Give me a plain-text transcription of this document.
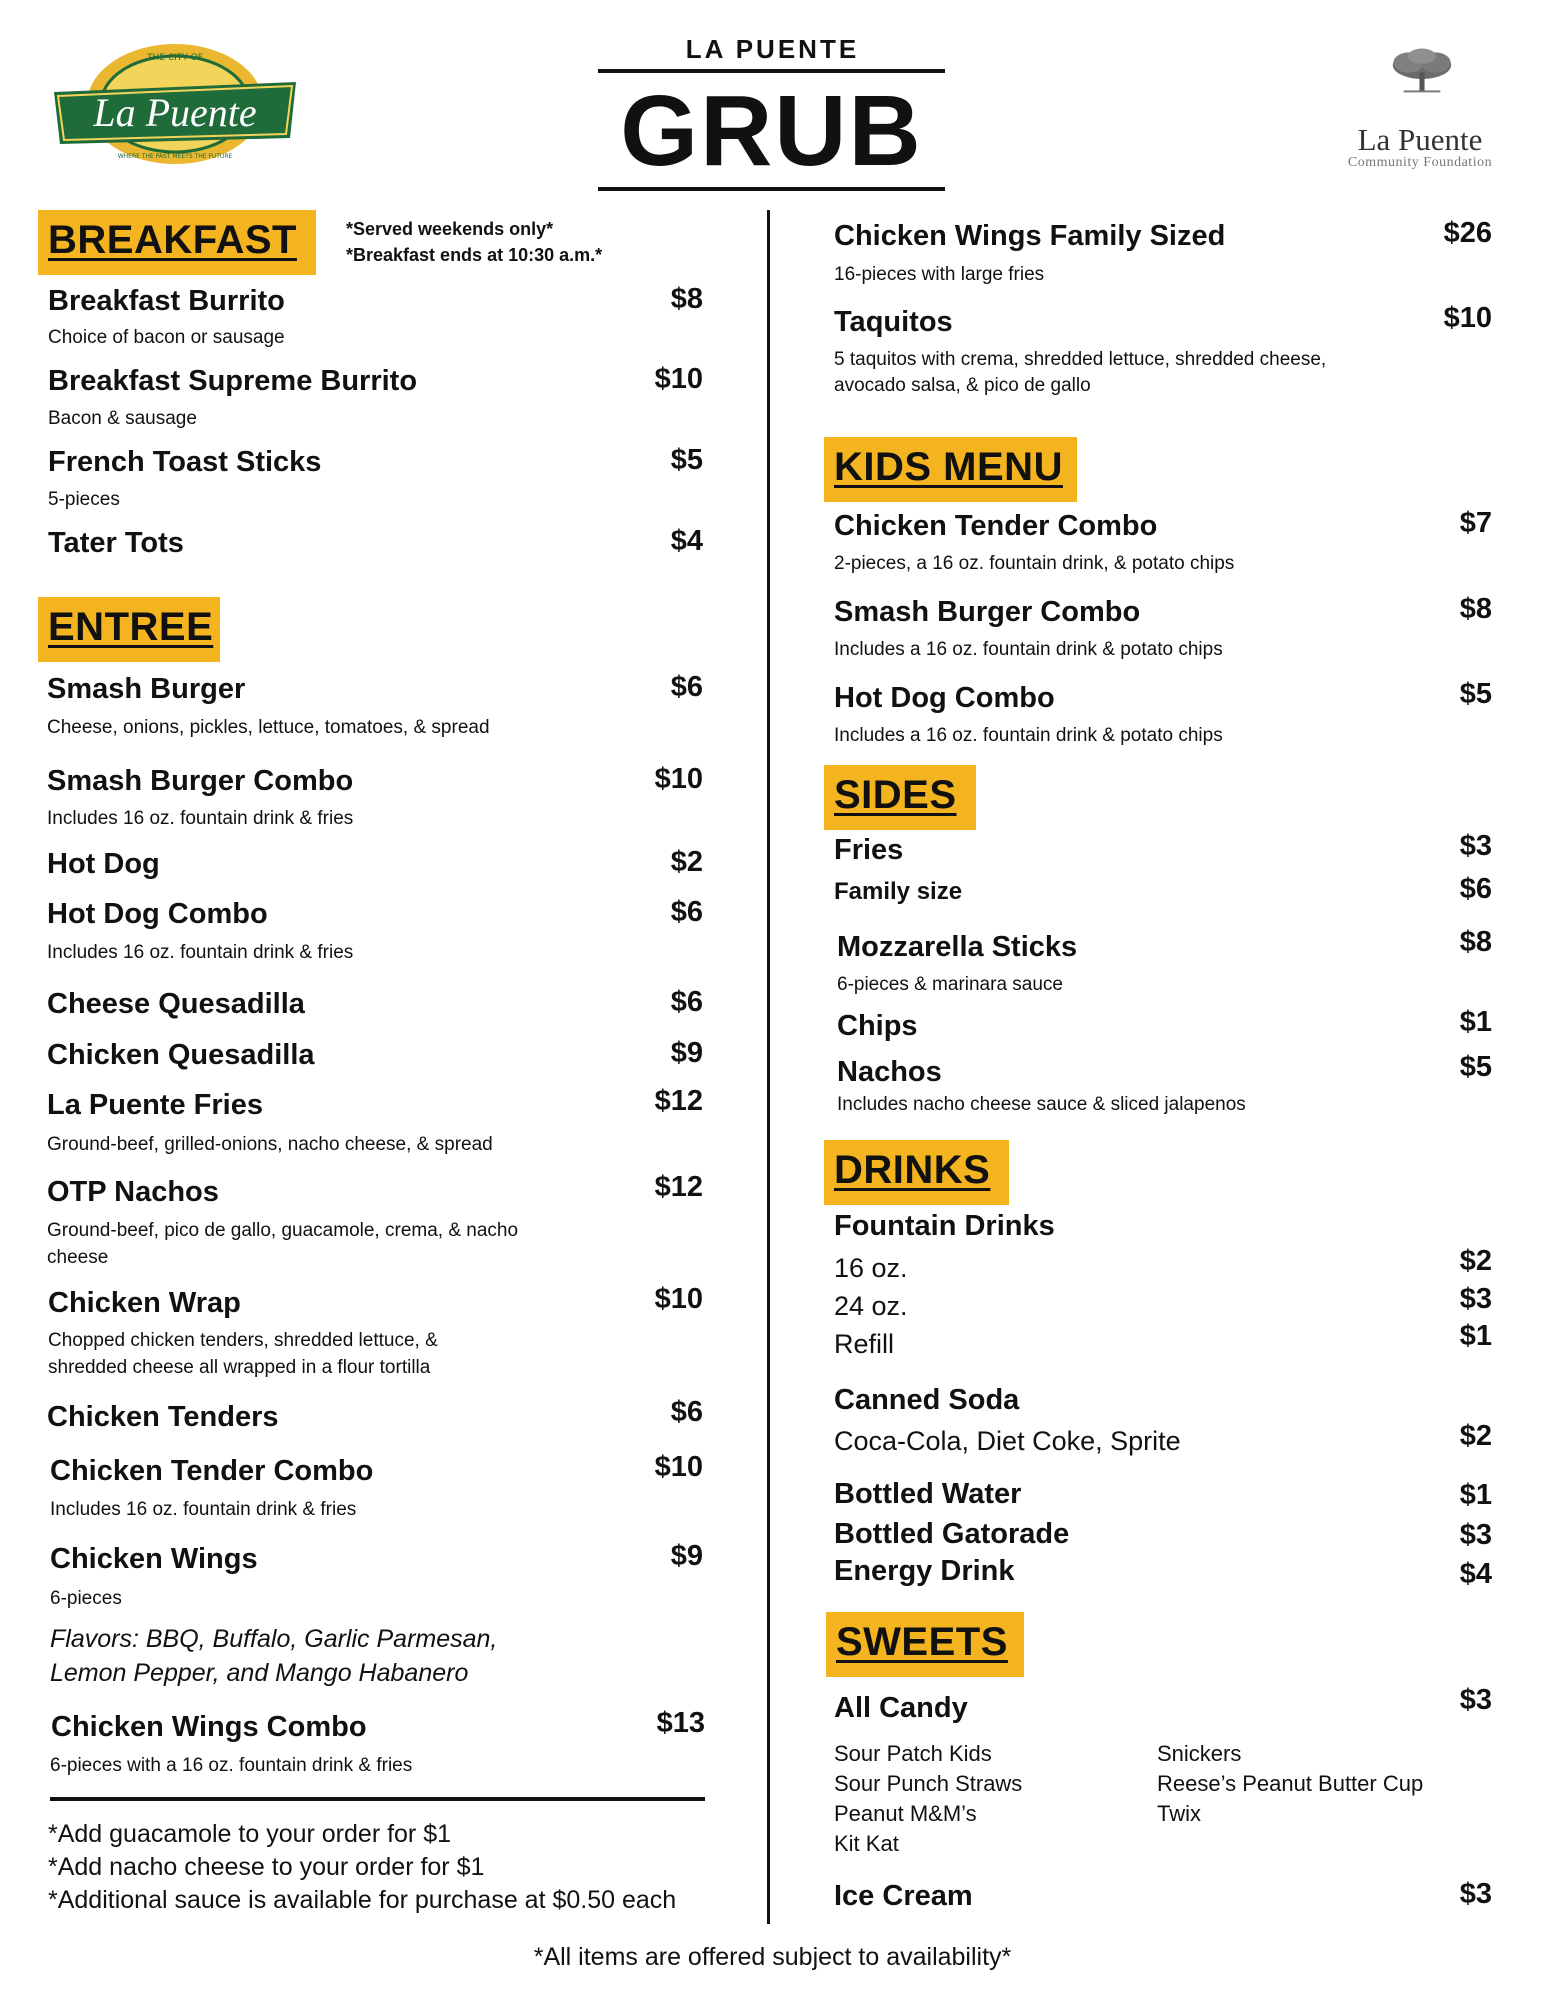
THE CITY OF
La Puente
WHERE THE PAST MEETS THE FUTURE
LA PUENTE
GRUB	La Puente
Community Foundation
BREAKFAST	*Served weekends only*
*Breakfast ends at 10:30 a.m.*
Breakfast Burrito	$8
Choice of bacon or sausage
Breakfast Supreme Burrito	$10
Bacon & sausage
French Toast Sticks	$5
5-pieces
Tater Tots	$4
ENTREE
Smash Burger	$6
Cheese, onions, pickles, lettuce, tomatoes, & spread
Smash Burger Combo	$10
Includes 16 oz. fountain drink & fries
Hot Dog	$2
Hot Dog Combo	$6
Includes 16 oz. fountain drink & fries
Cheese Quesadilla	$6
Chicken Quesadilla	$9
La Puente Fries	$12
Ground-beef, grilled-onions, nacho cheese, & spread
OTP Nachos	$12
Ground-beef, pico de gallo, guacamole, crema, & nacho
cheese
Chicken Wrap	$10
Chopped chicken tenders, shredded lettuce, &
shredded cheese all wrapped in a flour tortilla
Chicken Tenders	$6
Chicken Tender Combo	$10
Includes 16 oz. fountain drink & fries
Chicken Wings	$9
6-pieces
Flavors: BBQ, Buffalo, Garlic Parmesan,
Lemon Pepper, and Mango Habanero
Chicken Wings Combo	$13
6-pieces with a 16 oz. fountain drink & fries
*Add guacamole to your order for $1
*Add nacho cheese to your order for $1
*Additional sauce is available for purchase at $0.50 each
Chicken Wings Family Sized	$26
16-pieces with large fries
Taquitos	$10
5 taquitos with crema, shredded lettuce, shredded cheese,
avocado salsa, & pico de gallo
KIDS MENU
Chicken Tender Combo	$7
2-pieces, a 16 oz. fountain drink, & potato chips
Smash Burger Combo	$8
Includes a 16 oz. fountain drink & potato chips
Hot Dog Combo	$5
Includes a 16 oz. fountain drink & potato chips
SIDES
Fries	$3
Family size	$6
Mozzarella Sticks	$8
6-pieces & marinara sauce
Chips	$1
Nachos	$5
Includes nacho cheese sauce & sliced jalapenos
DRINKS
Fountain Drinks
16 oz.	$2
24 oz.	$3
Refill	$1
Canned Soda
Coca-Cola, Diet Coke, Sprite	$2
Bottled Water	$1
Bottled Gatorade	$3
Energy Drink	$4
SWEETS
All Candy	$3
Sour Patch Kids
Sour Punch Straws
Peanut M&M’s
Kit Kat
Snickers
Reese’s Peanut Butter Cup
Twix
Ice Cream	$3
*All items are offered subject to availability*
